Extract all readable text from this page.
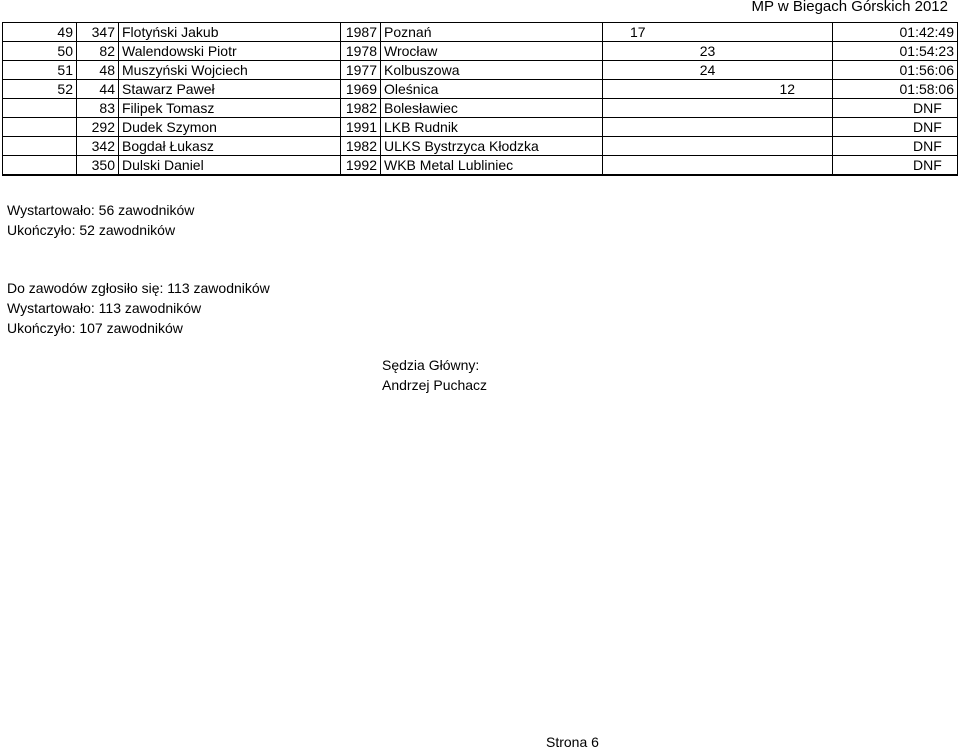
MP w Biegach Górskich 2012
49	347	Flotyński Jakub	1987	Poznań	17			01:42:49
50	82	Walendowski Piotr	1978	Wrocław		23		01:54:23
51	48	Muszyński Wojciech	1977	Kolbuszowa		24		01:56:06
52	44	Stawarz Paweł	1969	Oleśnica			12	01:58:06
	83	Filipek Tomasz	1982	Bolesławiec				DNF
	292	Dudek Szymon	1991	LKB Rudnik				DNF
	342	Bogdał Łukasz	1982	ULKS Bystrzyca Kłodzka				DNF
	350	Dulski Daniel	1992	WKB Metal Lubliniec				DNF
Wystartowało: 56 zawodników
Ukończyło: 52 zawodników
Do zawodów zgłosiło się: 113 zawodników
Wystartowało: 113 zawodników
Ukończyło: 107 zawodników
Sędzia Główny:
Andrzej Puchacz
Strona 6
